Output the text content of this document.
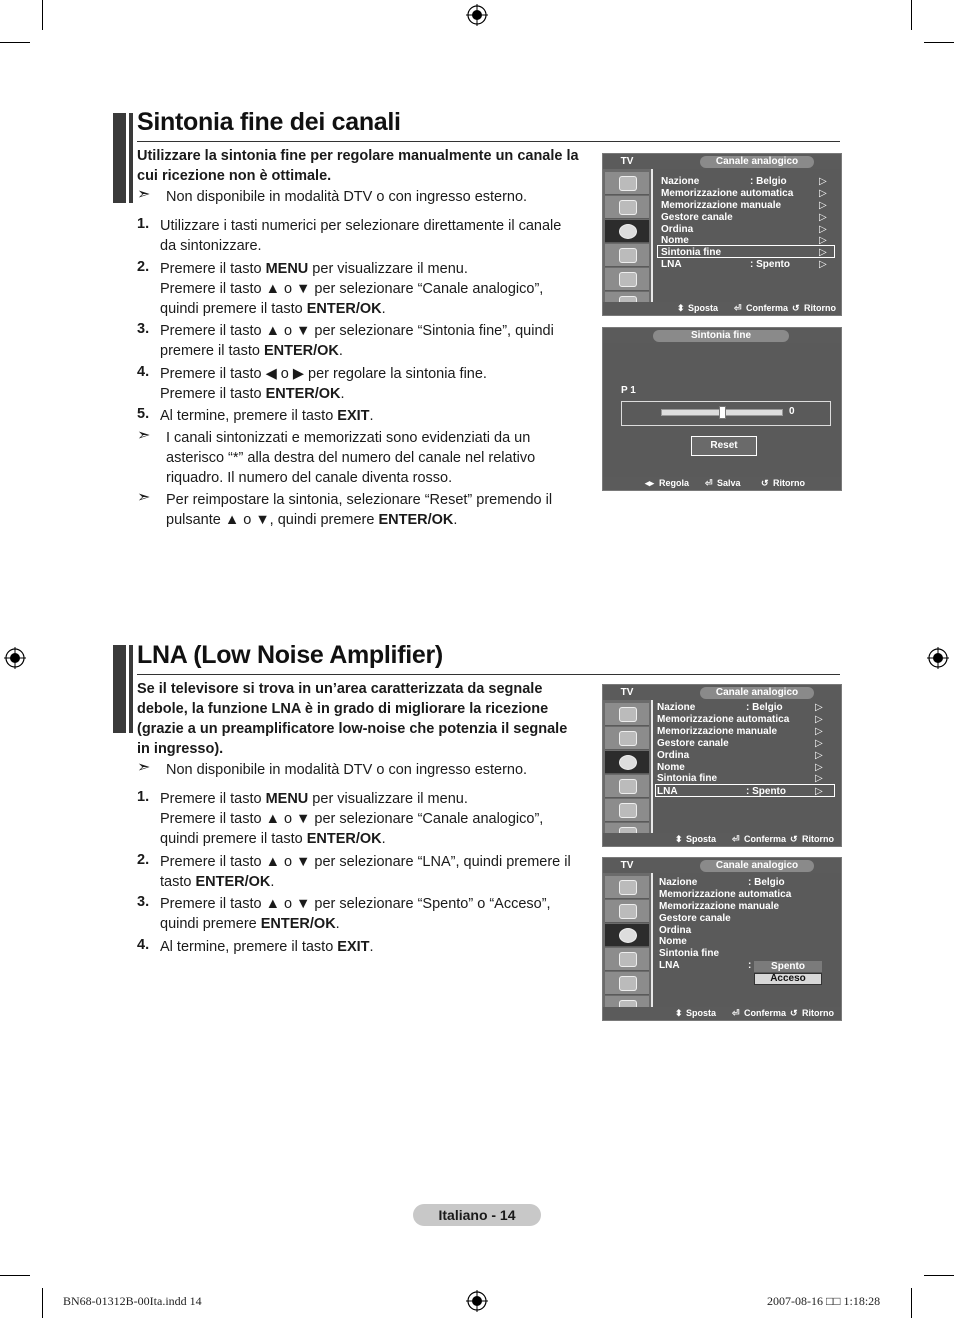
Sintonia fine dei canali
Utilizzare la sintonia fine per regolare manualmente un canale la cui ricezione non è ottimale.
➣ Non disponibile in modalità DTV o con ingresso esterno.
1. Utilizzare i tasti numerici per selezionare direttamente il canale
da sintonizzare.
2. Premere il tasto MENU per visualizzare il menu.
Premere il tasto ▲ o ▼ per selezionare “Canale analogico”,
quindi premere il tasto ENTER/OK.
3. Premere il tasto ▲ o ▼ per selezionare “Sintonia fine”, quindi
premere il tasto ENTER/OK.
4. Premere il tasto ◀ o ▶ per regolare la sintonia fine.
Premere il tasto ENTER/OK.
5. Al termine, premere il tasto EXIT.
➣ I canali sintonizzati e memorizzati sono evidenziati da un
asterisco “*” alla destra del numero del canale nel relativo
riquadro. Il numero del canale diventa rosso.
➣ Per reimpostare la sintonia, selezionare “Reset” premendo il
pulsante ▲ o ▼, quindi premere ENTER/OK.
TV	Canale analogico
Nazione	: Belgio
Memorizzazione automatica
Memorizzazione manuale
Gestore canale
Ordina
Nome
Sintonia fine
LNA	: Spento
▷
▷
▷
▷
▷
▷
▷
▷
⬍ Sposta ⏎ Conferma ↺ Ritorno
Sintonia fine
P 1
0
Reset
◂▸ Regola ⏎ Salva ↺ Ritorno
LNA (Low Noise Amplifier)
Se il televisore si trova in un’area caratterizzata da segnale
debole, la funzione LNA è in grado di migliorare la ricezione
(grazie a un preamplificatore low-noise che potenzia il segnale
in ingresso).
➣ Non disponibile in modalità DTV o con ingresso esterno.
1. Premere il tasto MENU per visualizzare il menu.
Premere il tasto ▲ o ▼ per selezionare “Canale analogico”,
quindi premere il tasto ENTER/OK.
2. Premere il tasto ▲ o ▼ per selezionare “LNA”, quindi premere il
tasto ENTER/OK.
3. Premere il tasto ▲ o ▼ per selezionare “Spento” o “Acceso”,
quindi premere ENTER/OK.
4. Al termine, premere il tasto EXIT.
TV	Canale analogico
Nazione	: Belgio
Memorizzazione automatica
Memorizzazione manuale
Gestore canale
Ordina
Nome
Sintonia fine
LNA	: Spento
▷
▷
▷
▷
▷
▷
▷
▷
⬍ Sposta ⏎ Conferma ↺ Ritorno
TV	Canale analogico
Nazione	: Belgio
Memorizzazione automatica
Memorizzazione manuale
Gestore canale
Ordina
Nome
Sintonia fine
LNA	:	Spento
Acceso
⬍ Sposta ⏎ Conferma ↺ Ritorno
Italiano - 14
BN68-01312B-00Ita.indd 14	2007-08-16 □□ 1:18:28
